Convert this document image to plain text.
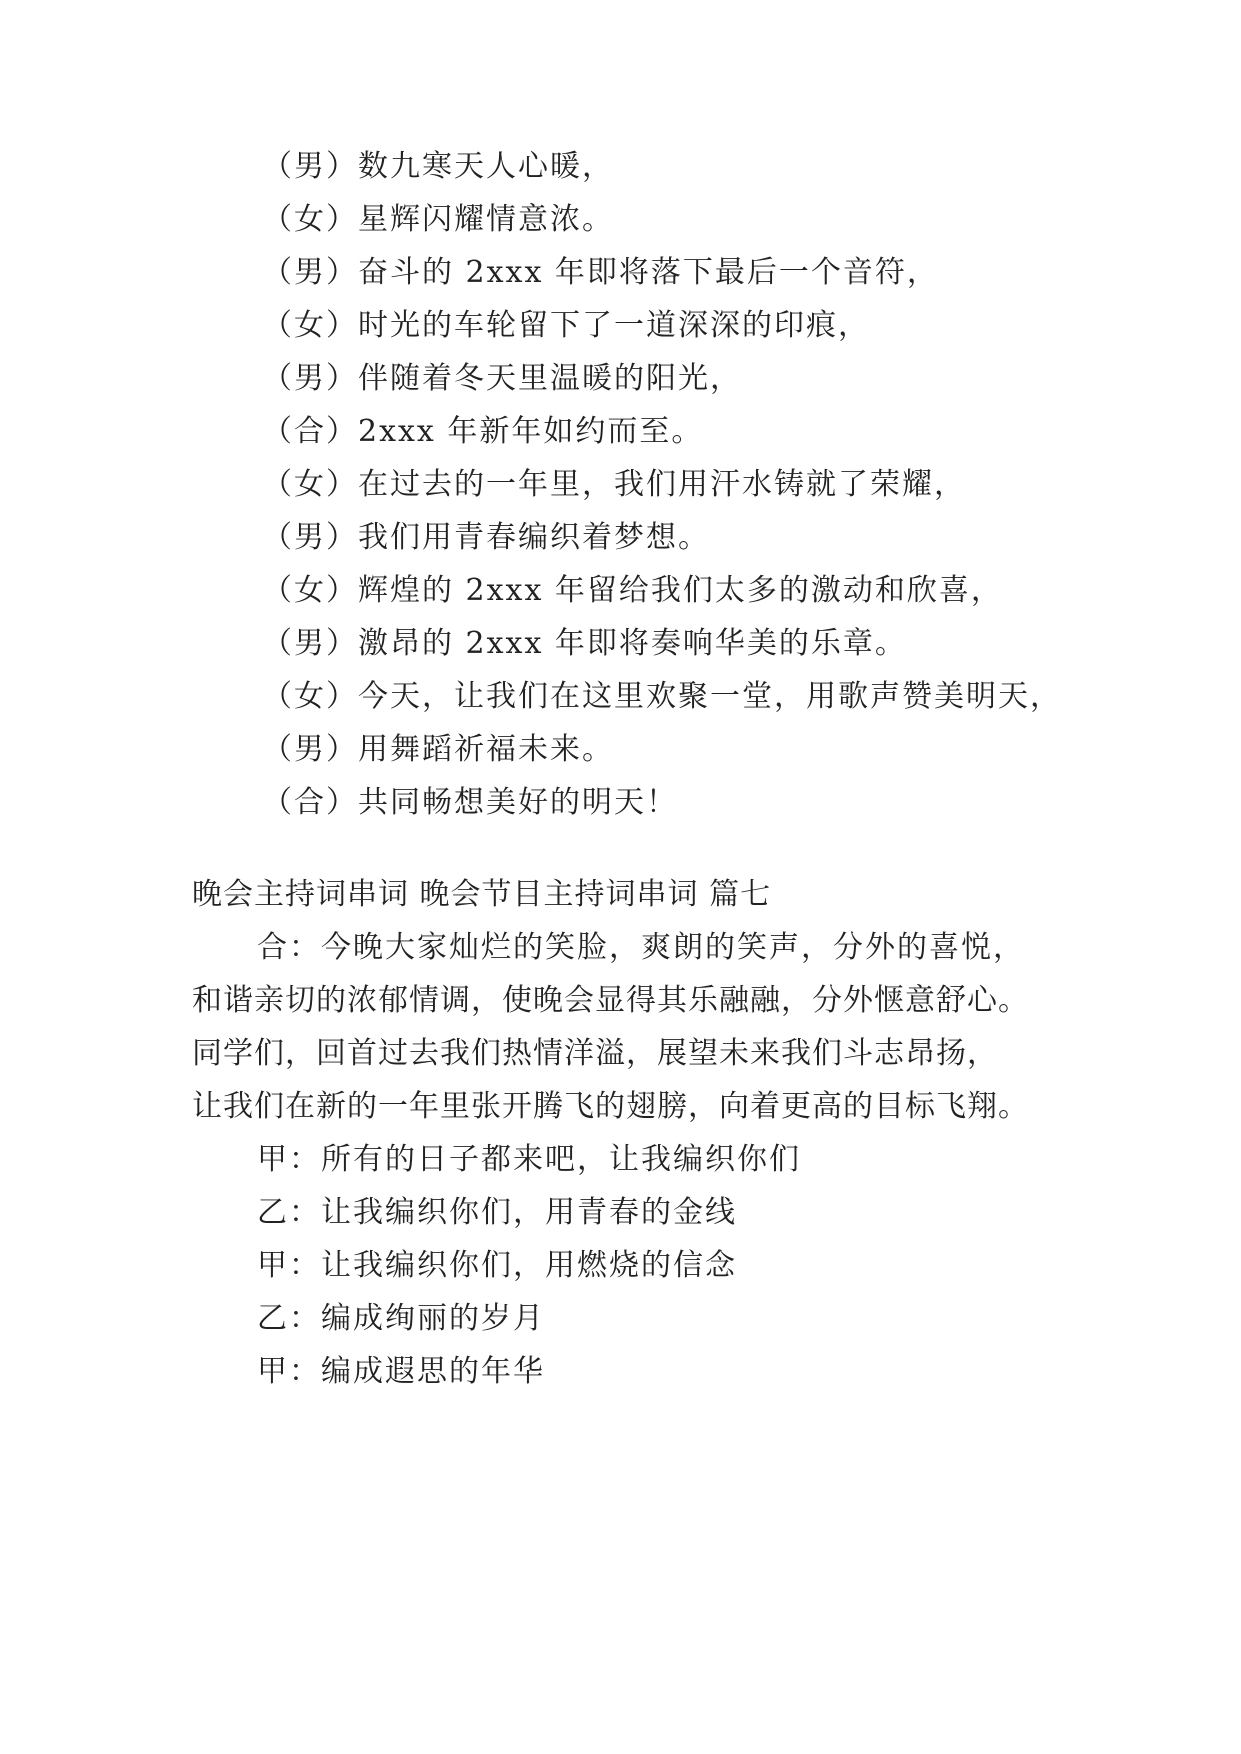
（男）数九寒天人心暖，
（女）星辉闪耀情意浓。
（男）奋斗的 2xxx 年即将落下最后一个音符，
（女）时光的车轮留下了一道深深的印痕，
（男）伴随着冬天里温暖的阳光，
（合）2xxx 年新年如约而至。
（女）在过去的一年里，我们用汗水铸就了荣耀，
（男）我们用青春编织着梦想。
（女）辉煌的 2xxx 年留给我们太多的激动和欣喜，
（男）激昂的 2xxx 年即将奏响华美的乐章。
（女）今天，让我们在这里欢聚一堂，用歌声赞美明天，
（男）用舞蹈祈福未来。
（合）共同畅想美好的明天！
晚会主持词串词 晚会节目主持词串词 篇七
合：今晚大家灿烂的笑脸，爽朗的笑声，分外的喜悦，
和谐亲切的浓郁情调，使晚会显得其乐融融，分外惬意舒心。
同学们，回首过去我们热情洋溢，展望未来我们斗志昂扬，
让我们在新的一年里张开腾飞的翅膀，向着更高的目标飞翔。
甲：所有的日子都来吧，让我编织你们
乙：让我编织你们，用青春的金线
甲：让我编织你们，用燃烧的信念
乙：编成绚丽的岁月
甲：编成遐思的年华
